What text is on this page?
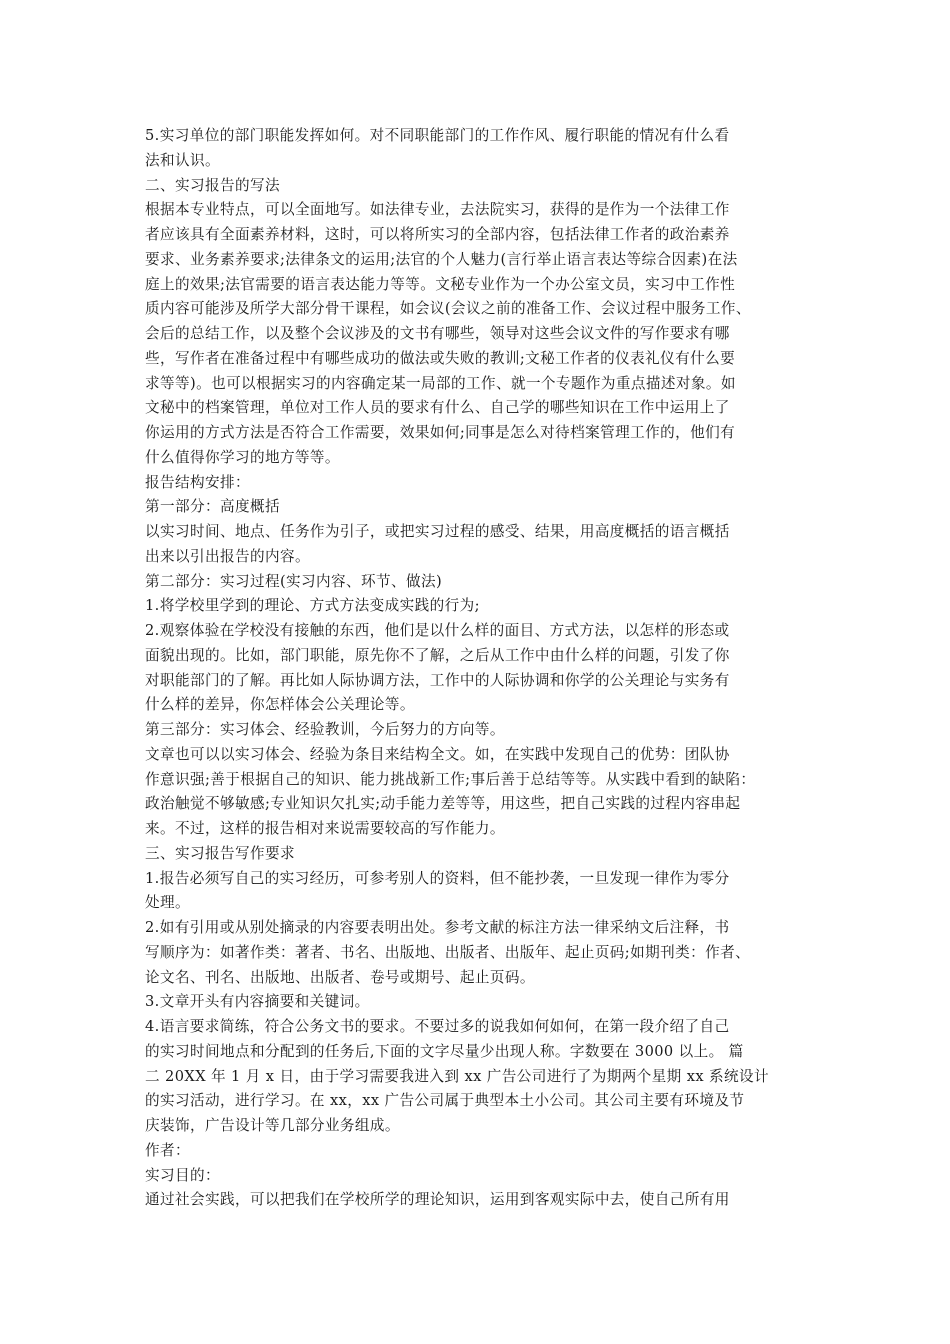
5.实习单位的部门职能发挥如何。对不同职能部门的工作作风、履行职能的情况有什么看
法和认识。
二、实习报告的写法
根据本专业特点，可以全面地写。如法律专业，去法院实习，获得的是作为一个法律工作
者应该具有全面素养材料，这时，可以将所实习的全部内容，包括法律工作者的政治素养
要求、业务素养要求;法律条文的运用;法官的个人魅力(言行举止语言表达等综合因素)在法
庭上的效果;法官需要的语言表达能力等等。文秘专业作为一个办公室文员，实习中工作性
质内容可能涉及所学大部分骨干课程，如会议(会议之前的准备工作、会议过程中服务工作、
会后的总结工作，以及整个会议涉及的文书有哪些，领导对这些会议文件的写作要求有哪
些，写作者在准备过程中有哪些成功的做法或失败的教训;文秘工作者的仪表礼仪有什么要
求等等)。也可以根据实习的内容确定某一局部的工作、就一个专题作为重点描述对象。如
文秘中的档案管理，单位对工作人员的要求有什么、自己学的哪些知识在工作中运用上了
你运用的方式方法是否符合工作需要，效果如何;同事是怎么对待档案管理工作的，他们有
什么值得你学习的地方等等。
报告结构安排：
第一部分：高度概括
以实习时间、地点、任务作为引子，或把实习过程的感受、结果，用高度概括的语言概括
出来以引出报告的内容。
第二部分：实习过程(实习内容、环节、做法)
1.将学校里学到的理论、方式方法变成实践的行为;
2.观察体验在学校没有接触的东西，他们是以什么样的面目、方式方法，以怎样的形态或
面貌出现的。比如，部门职能，原先你不了解，之后从工作中由什么样的问题，引发了你
对职能部门的了解。再比如人际协调方法，工作中的人际协调和你学的公关理论与实务有
什么样的差异，你怎样体会公关理论等。
第三部分：实习体会、经验教训，今后努力的方向等。
文章也可以以实习体会、经验为条目来结构全文。如，在实践中发现自己的优势：团队协
作意识强;善于根据自己的知识、能力挑战新工作;事后善于总结等等。从实践中看到的缺陷：
政治触觉不够敏感;专业知识欠扎实;动手能力差等等，用这些，把自己实践的过程内容串起
来。不过，这样的报告相对来说需要较高的写作能力。
三、实习报告写作要求
1.报告必须写自己的实习经历，可参考别人的资料，但不能抄袭，一旦发现一律作为零分
处理。
2.如有引用或从别处摘录的内容要表明出处。参考文献的标注方法一律采纳文后注释，书
写顺序为：如著作类：著者、书名、出版地、出版者、出版年、起止页码;如期刊类：作者、
论文名、刊名、出版地、出版者、卷号或期号、起止页码。
3.文章开头有内容摘要和关键词。
4.语言要求简练，符合公务文书的要求。不要过多的说我如何如何，在第一段介绍了自己
的实习时间地点和分配到的任务后,下面的文字尽量少出现人称。字数要在 3000 以上。 篇
二 20XX 年 1 月 x 日，由于学习需要我进入到 xx 广告公司进行了为期两个星期 xx 系统设计
的实习活动，进行学习。在 xx，xx 广告公司属于典型本土小公司。其公司主要有环境及节
庆装饰，广告设计等几部分业务组成。
作者：
实习目的：
通过社会实践，可以把我们在学校所学的理论知识，运用到客观实际中去，使自己所有用
